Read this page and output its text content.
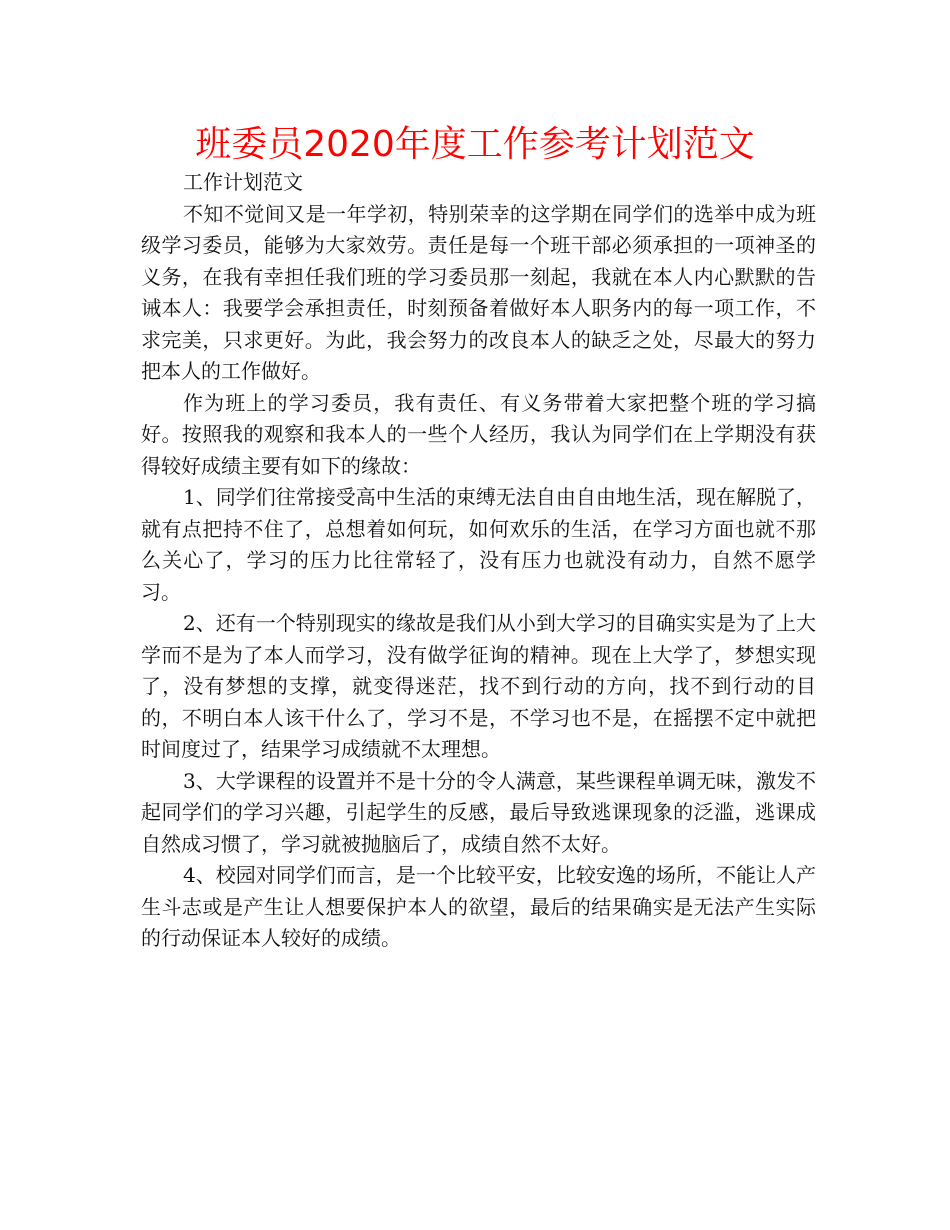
班委员2020年度工作参考计划范文

工作计划范文

不知不觉间又是一年学初，特别荣幸的这学期在同学们的选举中成为班级学习委员，能够为大家效劳。责任是每一个班干部必须承担的一项神圣的义务，在我有幸担任我们班的学习委员那一刻起，我就在本人内心默默的告诫本人：我要学会承担责任，时刻预备着做好本人职务内的每一项工作，不求完美，只求更好。为此，我会努力的改良本人的缺乏之处，尽最大的努力把本人的工作做好。

作为班上的学习委员，我有责任、有义务带着大家把整个班的学习搞好。按照我的观察和我本人的一些个人经历，我认为同学们在上学期没有获得较好成绩主要有如下的缘故：

1、同学们往常接受高中生活的束缚无法自由自由地生活，现在解脱了，就有点把持不住了，总想着如何玩，如何欢乐的生活，在学习方面也就不那么关心了，学习的压力比往常轻了，没有压力也就没有动力，自然不愿学习。

2、还有一个特别现实的缘故是我们从小到大学习的目确实实是为了上大学而不是为了本人而学习，没有做学征询的精神。现在上大学了，梦想实现了，没有梦想的支撑，就变得迷茫，找不到行动的方向，找不到行动的目的，不明白本人该干什么了，学习不是，不学习也不是，在摇摆不定中就把时间度过了，结果学习成绩就不太理想。

3、大学课程的设置并不是十分的令人满意，某些课程单调无味，激发不起同学们的学习兴趣，引起学生的反感，最后导致逃课现象的泛滥，逃课成自然成习惯了，学习就被抛脑后了，成绩自然不太好。

4、校园对同学们而言，是一个比较平安，比较安逸的场所，不能让人产生斗志或是产生让人想要保护本人的欲望，最后的结果确实是无法产生实际的行动保证本人较好的成绩。
